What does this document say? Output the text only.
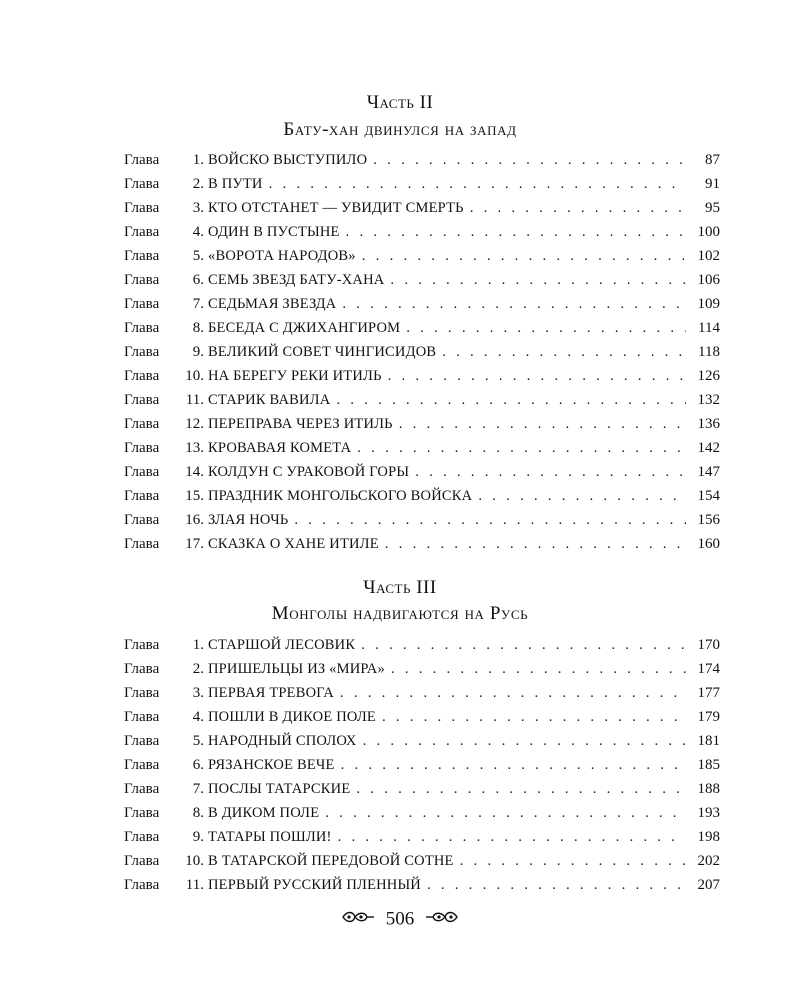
Часть II
Бату-хан двинулся на запад
Глава	1. ВОЙСКО ВЫСТУПИЛО . . .	87
Глава	2. В ПУТИ . . .	91
Глава	3. КТО ОТСТАНЕТ — УВИДИТ СМЕРТЬ . . .	95
Глава	4. ОДИН В ПУСТЫНЕ . . .	100
Глава	5. «ВОРОТА НАРОДОВ» . . .	102
Глава	6. СЕМЬ ЗВЕЗД БАТУ-ХАНА . . .	106
Глава	7. СЕДЬМАЯ ЗВЕЗДА . . .	109
Глава	8. БЕСЕДА С ДЖИХАНГИРОМ . . .	114
Глава	9. ВЕЛИКИЙ СОВЕТ ЧИНГИСИДОВ . . .	118
Глава	10. НА БЕРЕГУ РЕКИ ИТИЛЬ . . .	126
Глава	11. СТАРИК ВАВИЛА . . .	132
Глава	12. ПЕРЕПРАВА ЧЕРЕЗ ИТИЛЬ . . .	136
Глава	13. КРОВАВАЯ КОМЕТА . . .	142
Глава	14. КОЛДУН С УРАКОВОЙ ГОРЫ . . .	147
Глава	15. ПРАЗДНИК МОНГОЛЬСКОГО ВОЙСКА . . .	154
Глава	16. ЗЛАЯ НОЧЬ . . .	156
Глава	17. СКАЗКА О ХАНЕ ИТИЛЕ . . .	160
Часть III
Монголы надвигаются на Русь
Глава	1. СТАРШОЙ ЛЕСОВИК . . .	170
Глава	2. ПРИШЕЛЬЦЫ ИЗ «МИРА» . . .	174
Глава	3. ПЕРВАЯ ТРЕВОГА . . .	177
Глава	4. ПОШЛИ В ДИКОЕ ПОЛЕ . . .	179
Глава	5. НАРОДНЫЙ СПОЛОХ . . .	181
Глава	6. РЯЗАНСКОЕ ВЕЧЕ . . .	185
Глава	7. ПОСЛЫ ТАТАРСКИЕ . . .	188
Глава	8. В ДИКОМ ПОЛЕ . . .	193
Глава	9. ТАТАРЫ ПОШЛИ! . . .	198
Глава	10. В ТАТАРСКОЙ ПЕРЕДОВОЙ СОТНЕ . . .	202
Глава	11. ПЕРВЫЙ РУССКИЙ ПЛЕННЫЙ . . .	207
506
